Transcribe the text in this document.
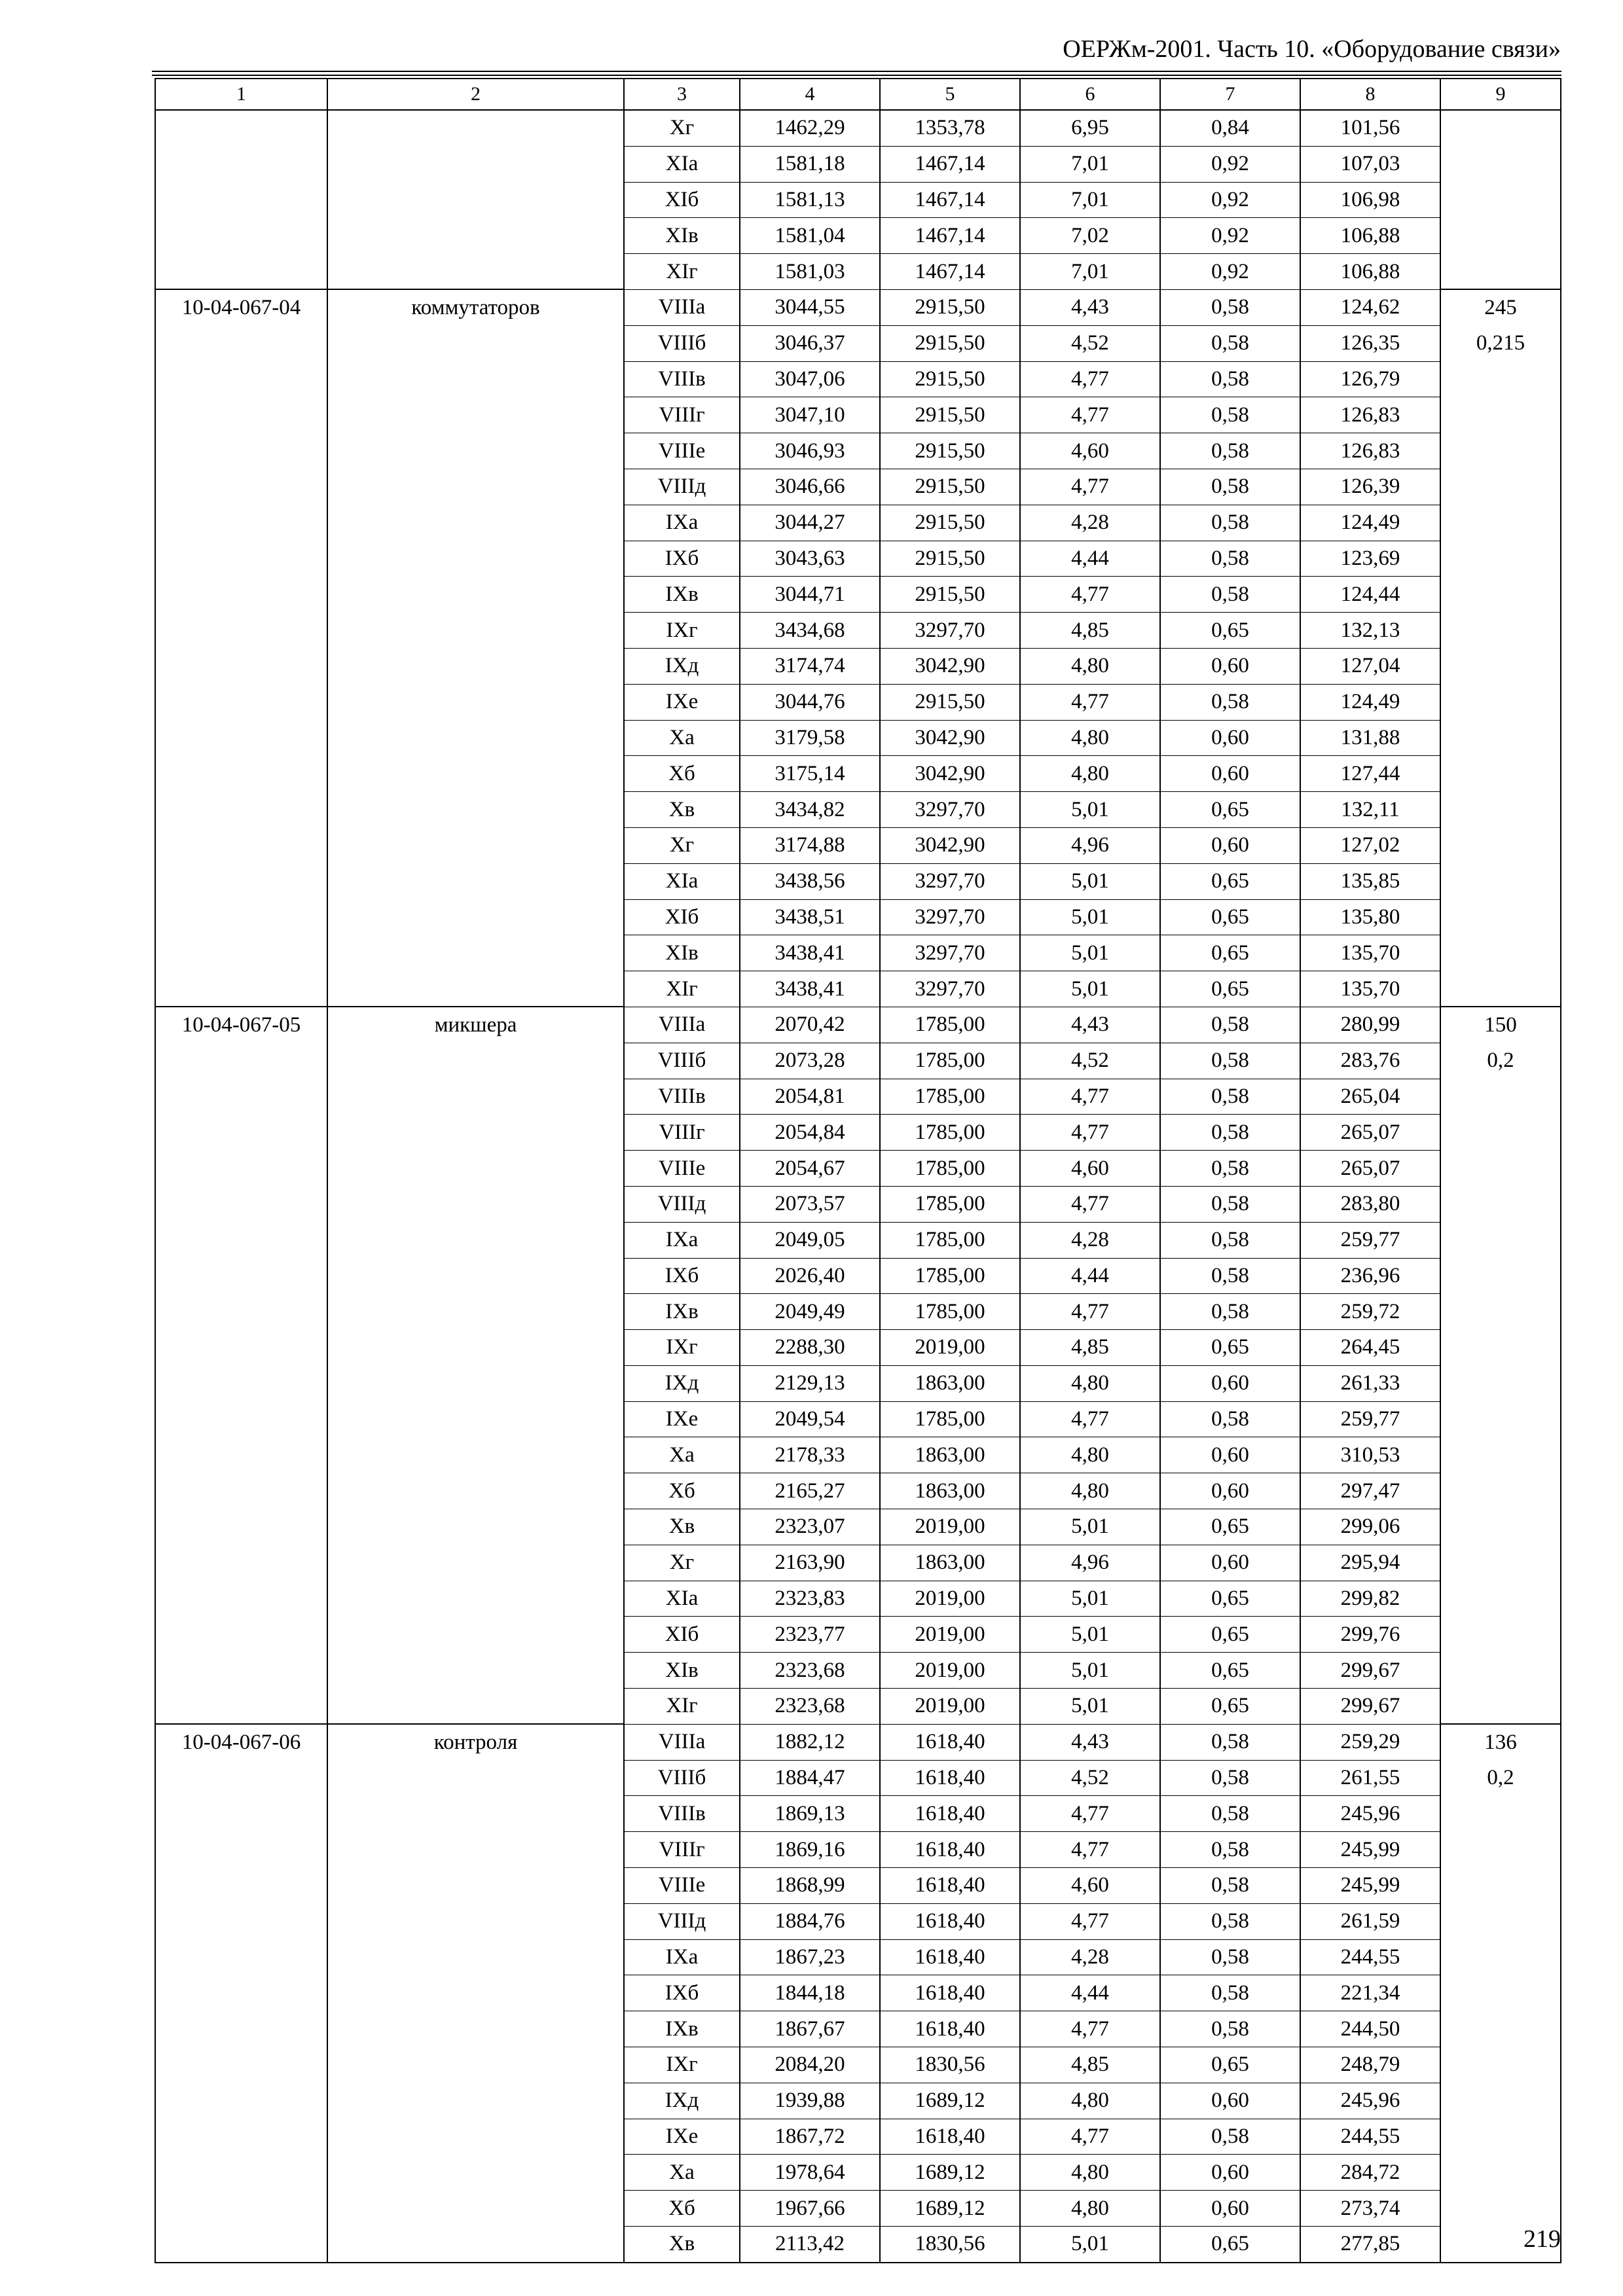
ОЕРЖм-2001. Часть 10. «Оборудование связи»
1	2	3	4	5	6	7	8	9
		Хг	1462,29	1353,78	6,95	0,84	101,56	
		ХIа	1581,18	1467,14	7,01	0,92	107,03	
		ХIб	1581,13	1467,14	7,01	0,92	106,98	
		ХIв	1581,04	1467,14	7,02	0,92	106,88	
		ХIг	1581,03	1467,14	7,01	0,92	106,88	
10-04-067-04	коммутаторов	VIIIа	3044,55	2915,50	4,43	0,58	124,62	245
		VIIIб	3046,37	2915,50	4,52	0,58	126,35	0,215
		VIIIв	3047,06	2915,50	4,77	0,58	126,79	
		VIIIг	3047,10	2915,50	4,77	0,58	126,83	
		VIIIе	3046,93	2915,50	4,60	0,58	126,83	
		VIIIд	3046,66	2915,50	4,77	0,58	126,39	
		IXа	3044,27	2915,50	4,28	0,58	124,49	
		IXб	3043,63	2915,50	4,44	0,58	123,69	
		IXв	3044,71	2915,50	4,77	0,58	124,44	
		IXг	3434,68	3297,70	4,85	0,65	132,13	
		IXд	3174,74	3042,90	4,80	0,60	127,04	
		IXе	3044,76	2915,50	4,77	0,58	124,49	
		Ха	3179,58	3042,90	4,80	0,60	131,88	
		Хб	3175,14	3042,90	4,80	0,60	127,44	
		Хв	3434,82	3297,70	5,01	0,65	132,11	
		Хг	3174,88	3042,90	4,96	0,60	127,02	
		ХIа	3438,56	3297,70	5,01	0,65	135,85	
		ХIб	3438,51	3297,70	5,01	0,65	135,80	
		ХIв	3438,41	3297,70	5,01	0,65	135,70	
		ХIг	3438,41	3297,70	5,01	0,65	135,70	
10-04-067-05	микшера	VIIIа	2070,42	1785,00	4,43	0,58	280,99	150
		VIIIб	2073,28	1785,00	4,52	0,58	283,76	0,2
		VIIIв	2054,81	1785,00	4,77	0,58	265,04	
		VIIIг	2054,84	1785,00	4,77	0,58	265,07	
		VIIIе	2054,67	1785,00	4,60	0,58	265,07	
		VIIIд	2073,57	1785,00	4,77	0,58	283,80	
		IXа	2049,05	1785,00	4,28	0,58	259,77	
		IXб	2026,40	1785,00	4,44	0,58	236,96	
		IXв	2049,49	1785,00	4,77	0,58	259,72	
		IXг	2288,30	2019,00	4,85	0,65	264,45	
		IXд	2129,13	1863,00	4,80	0,60	261,33	
		IXе	2049,54	1785,00	4,77	0,58	259,77	
		Ха	2178,33	1863,00	4,80	0,60	310,53	
		Хб	2165,27	1863,00	4,80	0,60	297,47	
		Хв	2323,07	2019,00	5,01	0,65	299,06	
		Хг	2163,90	1863,00	4,96	0,60	295,94	
		ХIа	2323,83	2019,00	5,01	0,65	299,82	
		ХIб	2323,77	2019,00	5,01	0,65	299,76	
		ХIв	2323,68	2019,00	5,01	0,65	299,67	
		ХIг	2323,68	2019,00	5,01	0,65	299,67	
10-04-067-06	контроля	VIIIа	1882,12	1618,40	4,43	0,58	259,29	136
		VIIIб	1884,47	1618,40	4,52	0,58	261,55	0,2
		VIIIв	1869,13	1618,40	4,77	0,58	245,96	
		VIIIг	1869,16	1618,40	4,77	0,58	245,99	
		VIIIе	1868,99	1618,40	4,60	0,58	245,99	
		VIIIд	1884,76	1618,40	4,77	0,58	261,59	
		IXа	1867,23	1618,40	4,28	0,58	244,55	
		IXб	1844,18	1618,40	4,44	0,58	221,34	
		IXв	1867,67	1618,40	4,77	0,58	244,50	
		IXг	2084,20	1830,56	4,85	0,65	248,79	
		IXд	1939,88	1689,12	4,80	0,60	245,96	
		IXе	1867,72	1618,40	4,77	0,58	244,55	
		Ха	1978,64	1689,12	4,80	0,60	284,72	
		Хб	1967,66	1689,12	4,80	0,60	273,74	
		Хв	2113,42	1830,56	5,01	0,65	277,85		219
